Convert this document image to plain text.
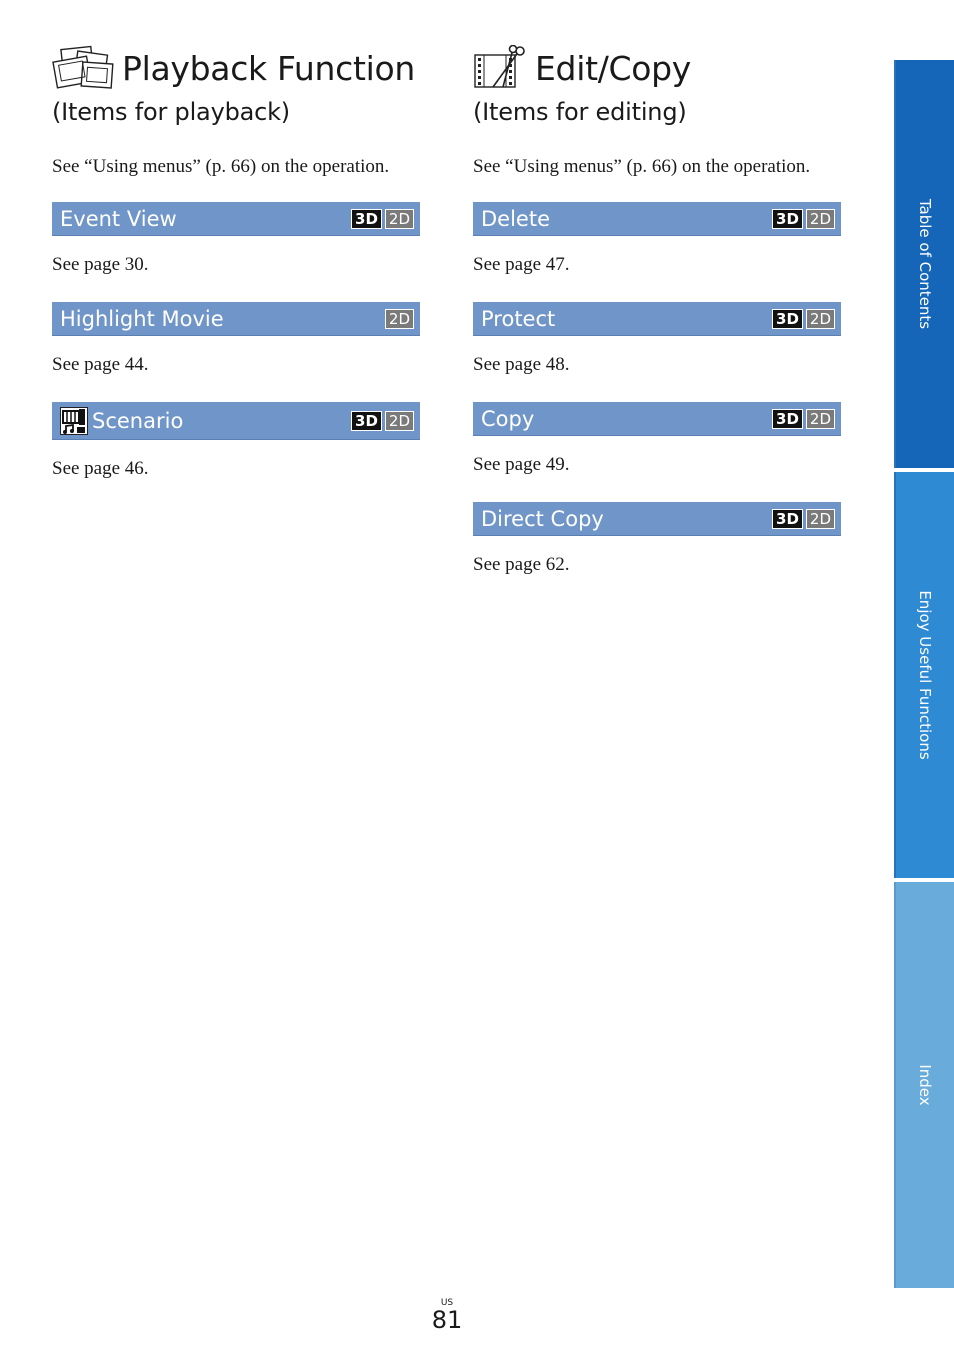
Playback Function
(Items for playback)
See “Using menus” (p. 66) on the operation.
Event View	3D 2D
See page 30.
Highlight Movie	2D
See page 44.
Scenario	3D 2D
See page 46.
Edit/Copy
(Items for editing)
See “Using menus” (p. 66) on the operation.
Delete	3D 2D
See page 47.
Protect	3D 2D
See page 48.
Copy	3D 2D
See page 49.
Direct Copy	3D 2D
See page 62.
Table of Contents
Enjoy Useful Functions
Index
US
81
